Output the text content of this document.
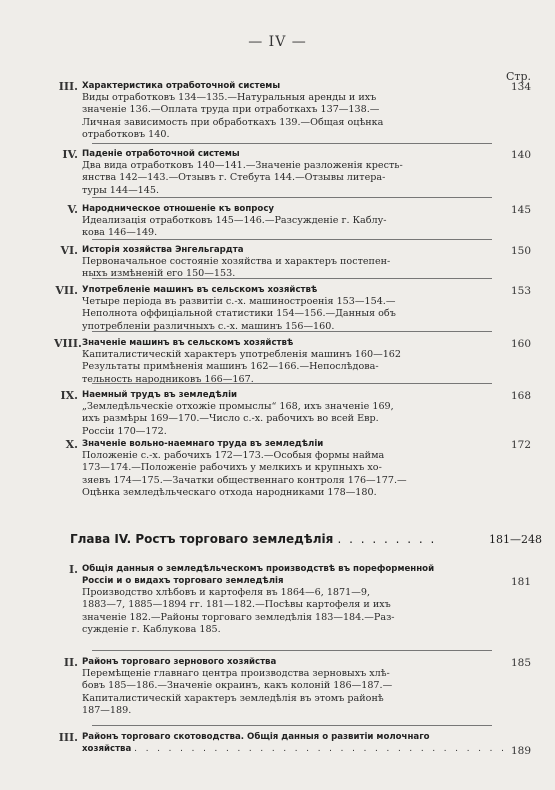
— IV —
Стр.
III. Характеристика отработочной системы
Виды отработковъ 134—135.—Натуральныя аренды и ихъ
значеніе 136.—Оплата труда при отработкахъ 137—138.—
Личная зависимость при обработкахъ 139.—Общая оцѣнка
отработковъ 140.
134
IV. Паденіе отработочной системы
Два вида отработковъ 140—141.—Значеніе разложенія кресть-
янства 142—143.—Отзывъ г. Стебута 144.—Отзывы литера-
туры 144—145.
140
V. Народническое отношеніе къ вопросу
Идеализація отработковъ 145—146.—Разсужденіе г. Каблу-
кова 146—149.
145
VI. Исторія хозяйства Энгельгардта
Первоначальное состояніе хозяйства и характеръ постепен-
ныхъ измѣненій его 150—153.
150
VII. Употребленіе машинъ въ сельскомъ хозяйствѣ
Четыре періода въ развитіи с.-х. машиностроенія 153—154.—
Неполнота оффиціальной статистики 154—156.—Данныя объ
употребленіи различныхъ с.-х. машинъ 156—160.
153
VIII. Значеніе машинъ въ сельскомъ хозяйствѣ
Капиталистическій характеръ употребленія машинъ 160—162
Результаты примѣненія машинъ 162—166.—Непослѣдова-
тельность народниковъ 166—167.
160
IX. Наемный трудъ въ земледѣліи
„Земледѣльческіе отхожіе промыслы“ 168, ихъ значеніе 169,
ихъ размѣры 169—170.—Число с.-х. рабочихъ во всей Евр.
Россіи 170—172.
168
Глава IV. Ростъ торговаго земледѣлія . . . . . . . . .	181—248
X. Значеніе вольно-наемнаго труда въ земледѣліи
Положеніе с.-х. рабочихъ 172—173.—Особыя формы найма
173—174.—Положеніе рабочихъ у мелкихъ и крупныхъ хо-
зяевъ 174—175.—Зачатки общественнаго контроля 176—177.—
Оцѣнка земледѣльческаго отхода народниками 178—180.
172
I. Общія данныя о земледѣльческомъ производствѣ въ пореформенной
Россіи и о видахъ торговаго земледѣлія
Производство хлѣбовъ и картофеля въ 1864—6, 1871—9,
1883—7, 1885—1894 гг. 181—182.—Посѣвы картофеля и ихъ
значеніе 182.—Районы торговаго земледѣлія 183—184.—Раз-
сужденіе г. Каблукова 185.
181
II. Районъ торговаго зернового хозяйства
Перемѣщеніе главнаго центра производства зерновыхъ хлѣ-
бовъ 185—186.—Значеніе окраинъ, какъ колоній 186—187.—
Капиталистическій характеръ земледѣлія въ этомъ районѣ
187—189.
185
III. Районъ торговаго скотоводства. Общія данныя о развитіи молочнаго
хозяйства . . . . . . . . . . . . . . . . . . . . . . . . . . . . . . . . . 189
